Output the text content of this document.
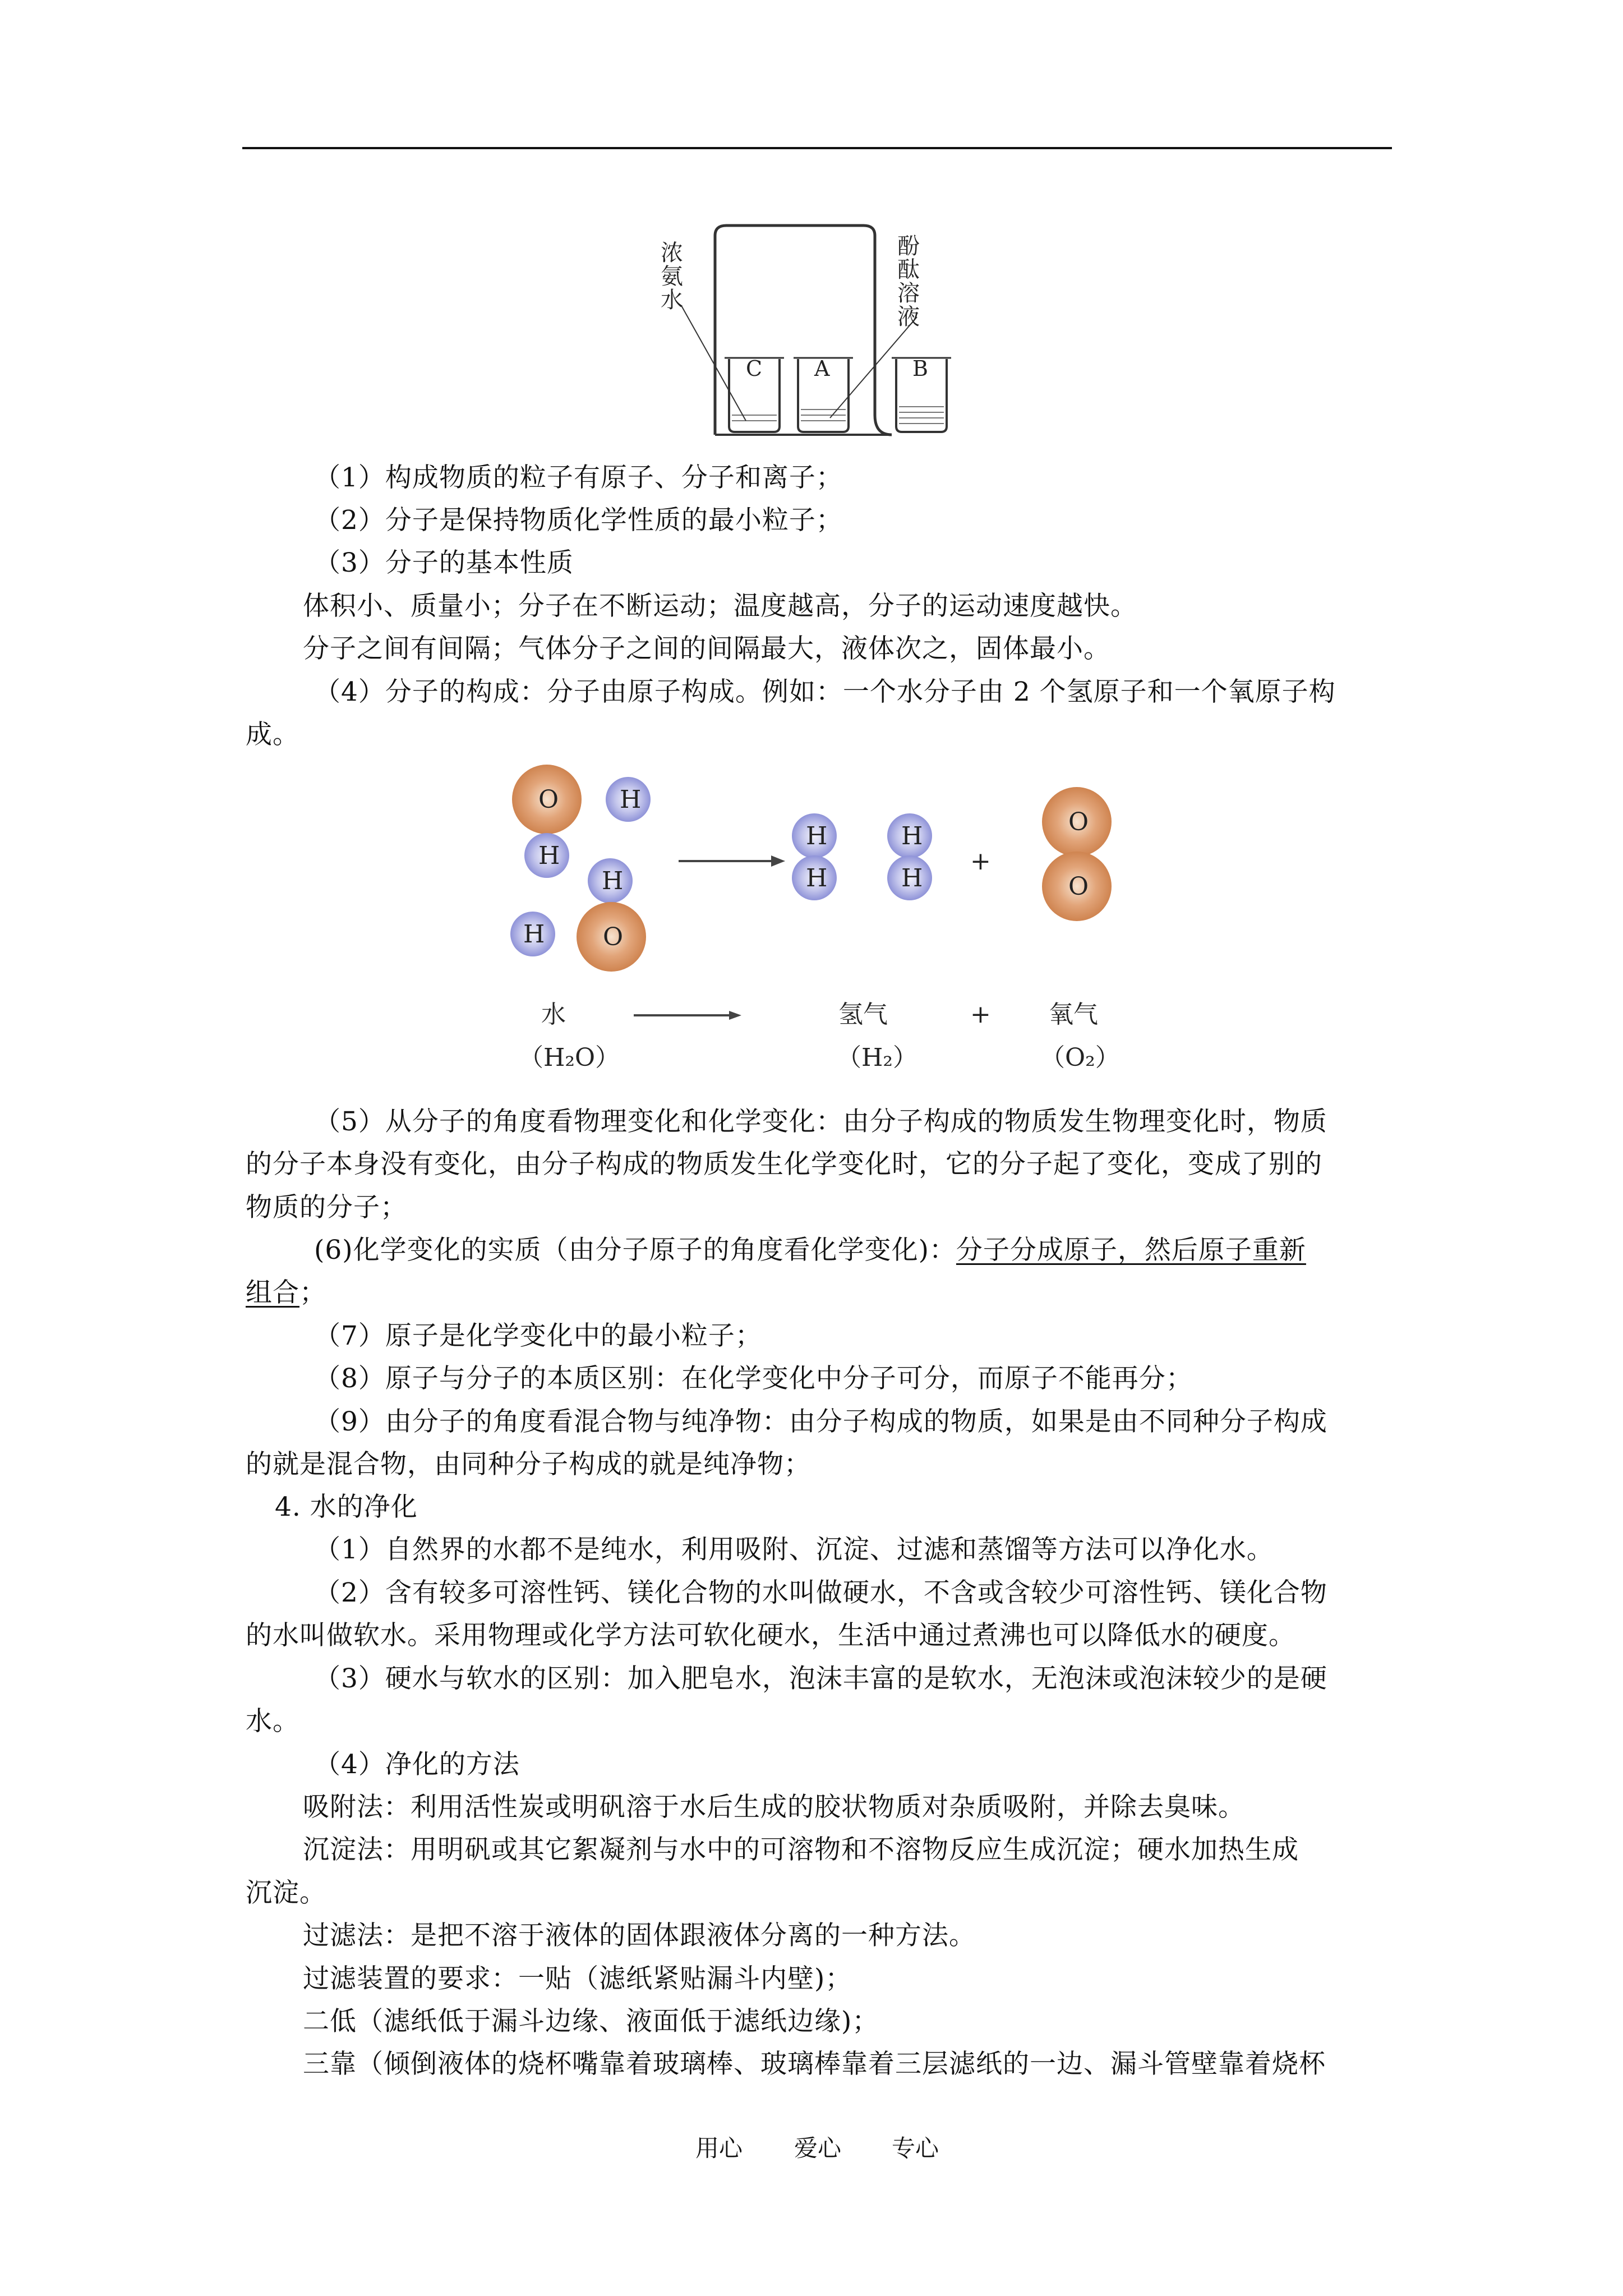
C A	B
浓氨水
酚酞溶液
+
O H
H
H
O
H
H
H
H
H
O
O
水	氢气	+ 氧气
（H₂O）	（H₂）	（O₂）
（1）构成物质的粒子有原子、分子和离子；
（2）分子是保持物质化学性质的最小粒子；
（3）分子的基本性质
体积小、质量小；分子在不断运动；温度越高，分子的运动速度越快。
分子之间有间隔；气体分子之间的间隔最大，液体次之，固体最小。
（4）分子的构成：分子由原子构成。例如：一个水分子由 2 个氢原子和一个氧原子构
成。
（5）从分子的角度看物理变化和化学变化：由分子构成的物质发生物理变化时，物质
的分子本身没有变化，由分子构成的物质发生化学变化时，它的分子起了变化，变成了别的
物质的分子；
(6)化学变化的实质（由分子原子的角度看化学变化)：分子分成原子，然后原子重新
组合；
（7）原子是化学变化中的最小粒子；
（8）原子与分子的本质区别：在化学变化中分子可分，而原子不能再分；
（9）由分子的角度看混合物与纯净物：由分子构成的物质，如果是由不同种分子构成
的就是混合物，由同种分子构成的就是纯净物；
4. 水的净化
（1）自然界的水都不是纯水，利用吸附、沉淀、过滤和蒸馏等方法可以净化水。
（2）含有较多可溶性钙、镁化合物的水叫做硬水，不含或含较少可溶性钙、镁化合物
的水叫做软水。采用物理或化学方法可软化硬水，生活中通过煮沸也可以降低水的硬度。
（3）硬水与软水的区别：加入肥皂水，泡沫丰富的是软水，无泡沫或泡沫较少的是硬
水。
（4）净化的方法
吸附法：利用活性炭或明矾溶于水后生成的胶状物质对杂质吸附，并除去臭味。
沉淀法：用明矾或其它絮凝剂与水中的可溶物和不溶物反应生成沉淀；硬水加热生成
沉淀。
过滤法：是把不溶于液体的固体跟液体分离的一种方法。
过滤装置的要求：一贴（滤纸紧贴漏斗内壁)；
二低（滤纸低于漏斗边缘、液面低于滤纸边缘)；
三靠（倾倒液体的烧杯嘴靠着玻璃棒、玻璃棒靠着三层滤纸的一边、漏斗管壁靠着烧杯
用心 爱心 专心
